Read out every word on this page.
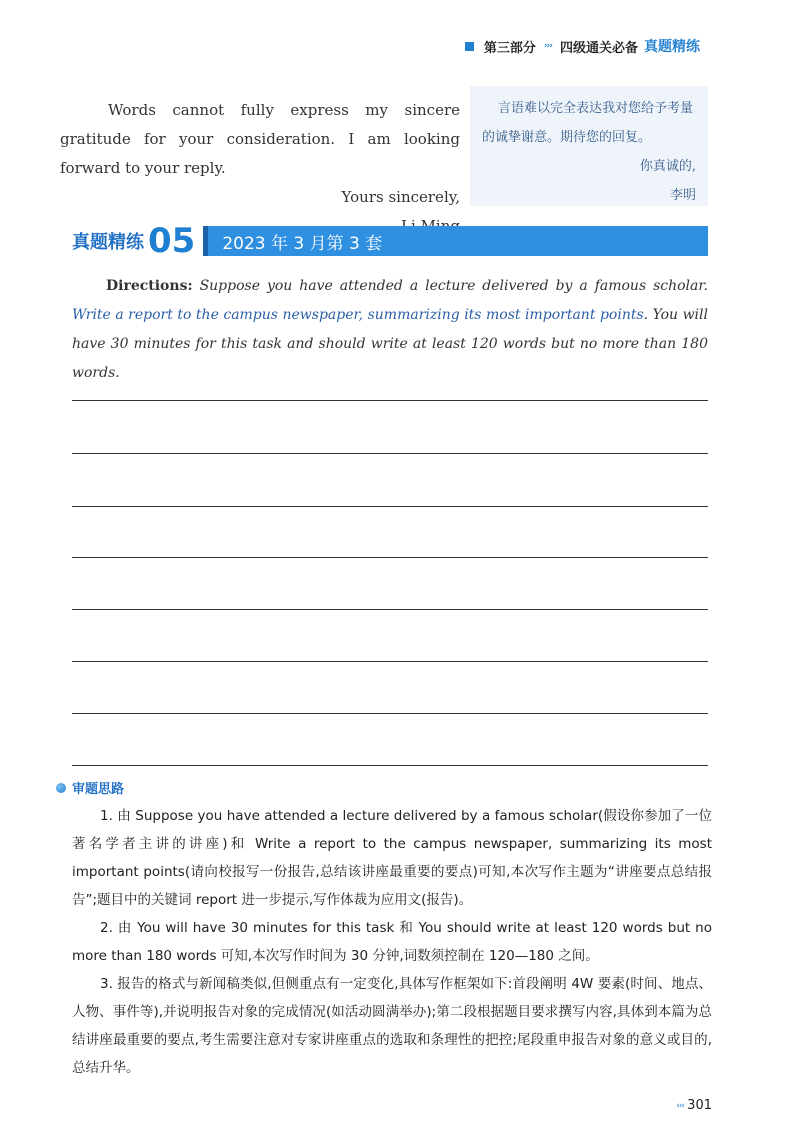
第三部分 ››› 四级通关必备 真题精练

Words cannot fully express my sincere gratitude for your consideration. I am looking forward to your reply.

Yours sincerely,

言语难以完全表达我对您给予考量的诚挚谢意。期待您的回复。

你真诚的,

李明

真题精练 05 2023 年 3 月第 3 套

Directions: Suppose you have attended a lecture delivered by a famous scholar. Write a report to the campus newspaper, summarizing its most important points. You will have 30 minutes for this task and should write at least 120 words but no more than 180 words.

审题思路

1. 由 Suppose you have attended a lecture delivered by a famous scholar(假设你参加了一位著名学者主讲的讲座)和 Write a report to the campus newspaper, summarizing its most important points(请向校报写一份报告,总结该讲座最重要的要点)可知,本次写作主题为“讲座要点总结报告”;题目中的关键词 report 进一步提示,写作体裁为应用文(报告)。

2. 由 You will have 30 minutes for this task 和 You should write at least 120 words but no more than 180 words 可知,本次写作时间为 30 分钟,词数须控制在 120—180 之间。

3. 报告的格式与新闻稿类似,但侧重点有一定变化,具体写作框架如下:首段阐明 4W 要素(时间、地点、人物、事件等),并说明报告对象的完成情况(如活动圆满举办);第二段根据题目要求撰写内容,具体到本篇为总结讲座最重要的要点,考生需要注意对专家讲座重点的选取和条理性的把控;尾段重申报告对象的意义或目的,总结升华。

‹‹‹ 301
